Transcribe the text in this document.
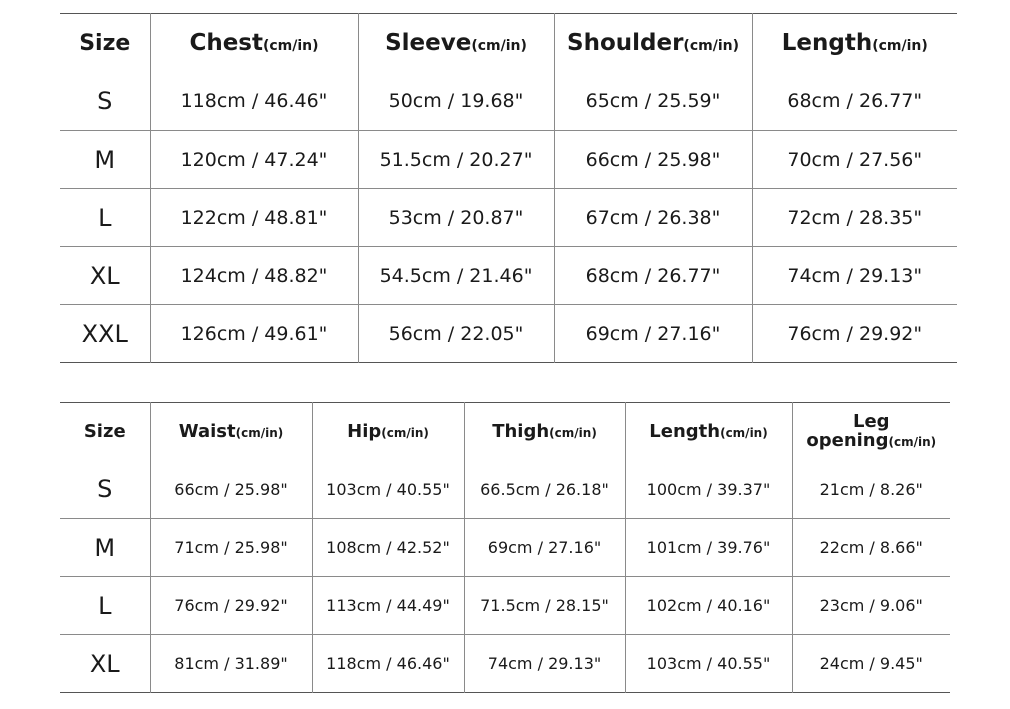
Size	Chest(cm/in)	Sleeve(cm/in)	Shoulder(cm/in)	Length(cm/in)
S	118cm / 46.46"	50cm / 19.68"	65cm / 25.59"	68cm / 26.77"
M	120cm / 47.24"	51.5cm / 20.27"	66cm / 25.98"	70cm / 27.56"
L	122cm / 48.81"	53cm / 20.87"	67cm / 26.38"	72cm / 28.35"
XL	124cm / 48.82"	54.5cm / 21.46"	68cm / 26.77"	74cm / 29.13"
XXL	126cm / 49.61"	56cm / 22.05"	69cm / 27.16"	76cm / 29.92"
Size	Waist(cm/in)	Hip(cm/in)	Thigh(cm/in)	Length(cm/in)	Leg
opening(cm/in)

S	66cm / 25.98"	103cm / 40.55"	66.5cm / 26.18"	100cm / 39.37"	21cm / 8.26"
M	71cm / 25.98"	108cm / 42.52"	69cm / 27.16"	101cm / 39.76"	22cm / 8.66"
L	76cm / 29.92"	113cm / 44.49"	71.5cm / 28.15"	102cm / 40.16"	23cm / 9.06"
XL	81cm / 31.89"	118cm / 46.46"	74cm / 29.13"	103cm / 40.55"	24cm / 9.45"
